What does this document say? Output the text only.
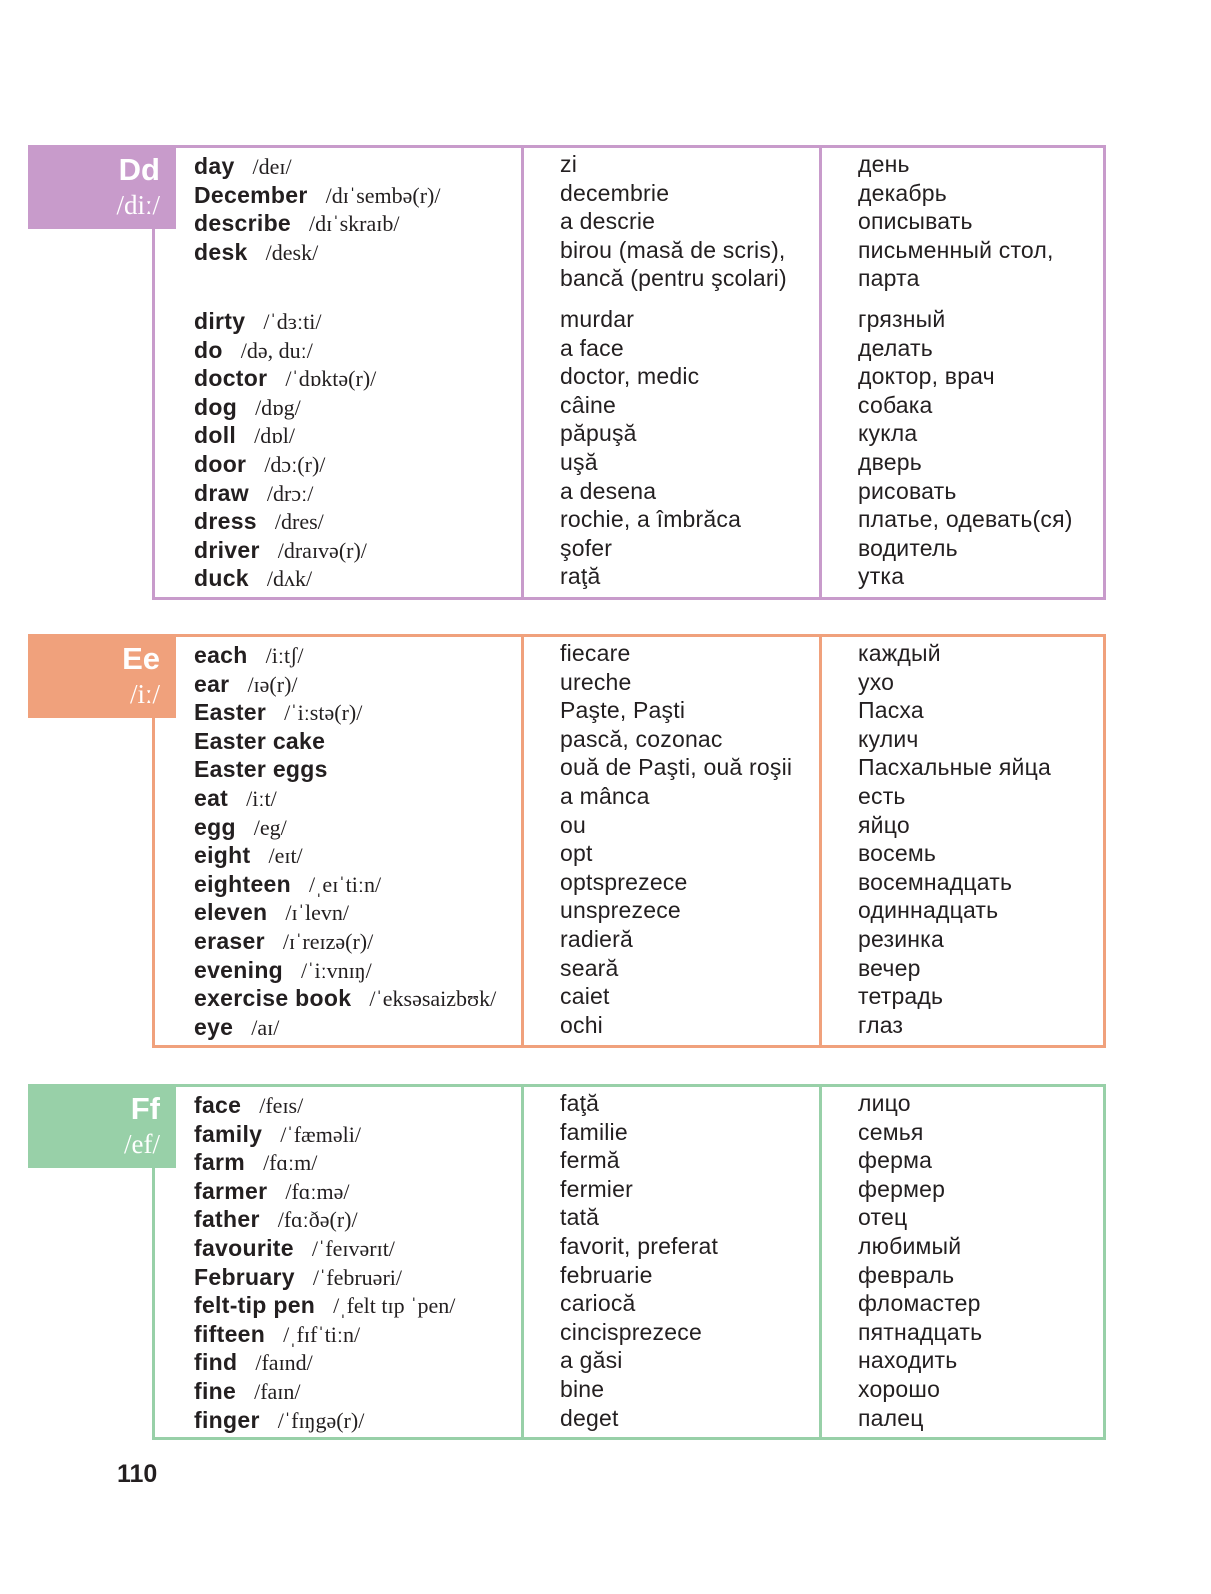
day /deɪ/
December /dɪˈsembə(r)/
describe /dɪˈskraɪb/
desk /desk/
dirty /ˈdɜːti/
do /də, duː/
doctor /ˈdɒktə(r)/
dog /dɒg/
doll /dɒl/
door /dɔː(r)/
draw /drɔː/
dress /dres/
driver /draɪvə(r)/
duck /dʌk/
zi
decembrie
a descrie
birou (masă de scris),
bancă (pentru şcolari)
murdar
a face
doctor, medic
câine
păpuşă
uşă
a desena
rochie, a îmbrăca
şofer
raţă
день
декабрь
описывать
письменный стол,
парта
грязный
делать
доктор, врач
собака
кукла
дверь
рисовать
платье, одевать(ся)
водитель
утка
Dd
/diː/
each /iːtʃ/
ear /ɪə(r)/
Easter /ˈiːstə(r)/
Easter cake
Easter eggs
eat /iːt/
egg /eg/
eight /eɪt/
eighteen /ˌeɪˈtiːn/
eleven /ɪˈlevn/
eraser /ɪˈreɪzə(r)/
evening /ˈiːvnɪŋ/
exercise book /ˈeksəsaizbʊk/
eye /aɪ/
fiecare
ureche
Paşte, Paşti
pască, cozonac
ouă de Paşti, ouă roşii
a mânca
ou
opt
optsprezece
unsprezece
radieră
seară
caiet
ochi
каждый
ухо
Пасха
кулич
Пасхальные яйца
есть
яйцо
восемь
восемнадцать
одиннадцать
резинка
вечер
тетрадь
глаз
Ee
/iː/
face /feɪs/
family /ˈfæməli/
farm /fɑːm/
farmer /fɑːmə/
father /fɑːðə(r)/
favourite /ˈfeɪvərɪt/
February /ˈfebruəri/
felt-tip pen /ˌfelt tɪp ˈpen/
fifteen /ˌfɪfˈtiːn/
find /faɪnd/
fine /faɪn/
finger /ˈfɪŋgə(r)/
faţă
familie
fermă
fermier
tată
favorit, preferat
februarie
cariocă
cincisprezece
a găsi
bine
deget
лицо
семья
ферма
фермер
отец
любимый
февраль
фломастер
пятнадцать
находить
хорошо
палец
Ff
/ef/
110
